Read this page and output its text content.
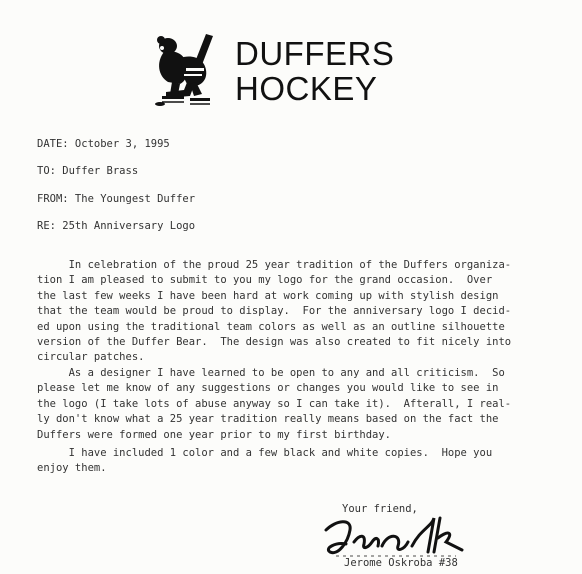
DUFFERS
HOCKEY
DATE: October 3, 1995
TO: Duffer Brass
FROM: The Youngest Duffer
RE: 25th Anniversary Logo
In celebration of the proud 25 year tradition of the Duffers organiza-
tion I am pleased to submit to you my logo for the grand occasion.  Over
the last few weeks I have been hard at work coming up with stylish design
that the team would be proud to display.  For the anniversary logo I decid-
ed upon using the traditional team colors as well as an outline silhouette
version of the Duffer Bear.  The design was also created to fit nicely into
circular patches.
As a designer I have learned to be open to any and all criticism.  So
please let me know of any suggestions or changes you would like to see in
the logo (I take lots of abuse anyway so I can take it).  Afterall, I real-
ly don't know what a 25 year tradition really means based on the fact the
Duffers were formed one year prior to my first birthday.
I have included 1 color and a few black and white copies.  Hope you
enjoy them.
Your friend,
Jerome Oskroba #38
